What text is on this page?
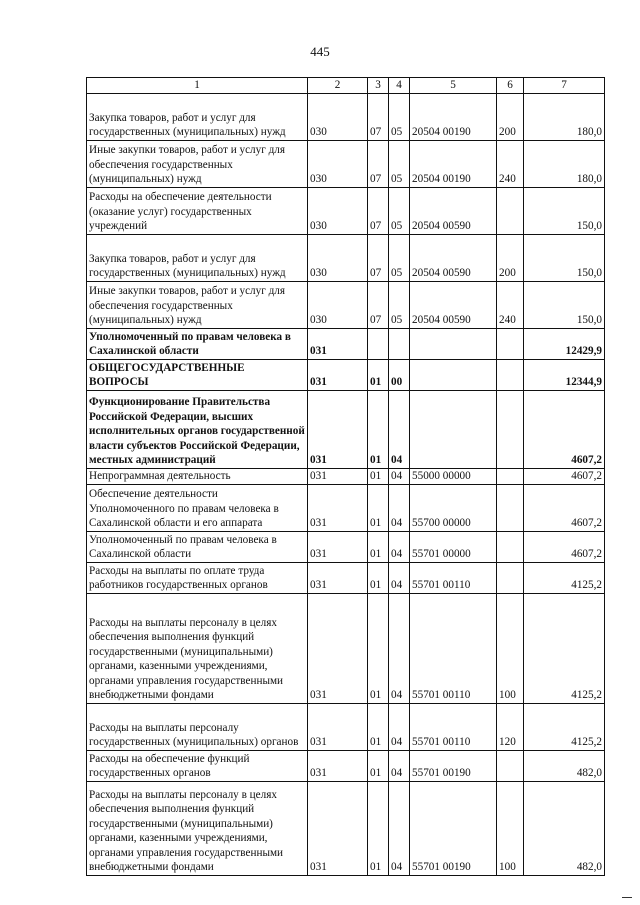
445
1	2	3	4	5	6	7
Закупка товаров, работ и услуг для государственных (муниципальных) нужд	030	07	05	20504 00190	200	180,0
Иные закупки товаров, работ и услуг для обеспечения государственных (муниципальных) нужд	030	07	05	20504 00190	240	180,0
Расходы на обеспечение деятельности (оказание услуг) государственных учреждений	030	07	05	20504 00590		150,0
Закупка товаров, работ и услуг для государственных (муниципальных) нужд	030	07	05	20504 00590	200	150,0
Иные закупки товаров, работ и услуг для обеспечения государственных (муниципальных) нужд	030	07	05	20504 00590	240	150,0
Уполномоченный по правам человека в Сахалинской области	031					12429,9
ОБЩЕГОСУДАРСТВЕННЫЕ ВОПРОСЫ	031	01	00			12344,9
Функционирование Правительства Российской Федерации, высших исполнительных органов государственной власти субъектов Российской Федерации, местных администраций	031	01	04			4607,2
Непрограммная деятельность	031	01	04	55000 00000		4607,2
Обеспечение деятельности Уполномоченного по правам человека в Сахалинской области и его аппарата	031	01	04	55700 00000		4607,2
Уполномоченный по правам человека в Сахалинской области	031	01	04	55701 00000		4607,2
Расходы на выплаты по оплате труда работников государственных органов	031	01	04	55701 00110		4125,2
Расходы на выплаты персоналу в целях обеспечения выполнения функций государственными (муниципальными) органами, казенными учреждениями, органами управления государственными внебюджетными фондами	031	01	04	55701 00110	100	4125,2
Расходы на выплаты персоналу государственных (муниципальных) органов	031	01	04	55701 00110	120	4125,2
Расходы на обеспечение функций государственных органов	031	01	04	55701 00190		482,0
Расходы на выплаты персоналу в целях обеспечения выполнения функций государственными (муниципальными) органами, казенными учреждениями, органами управления государственными внебюджетными фондами	031	01	04	55701 00190	100	482,0
